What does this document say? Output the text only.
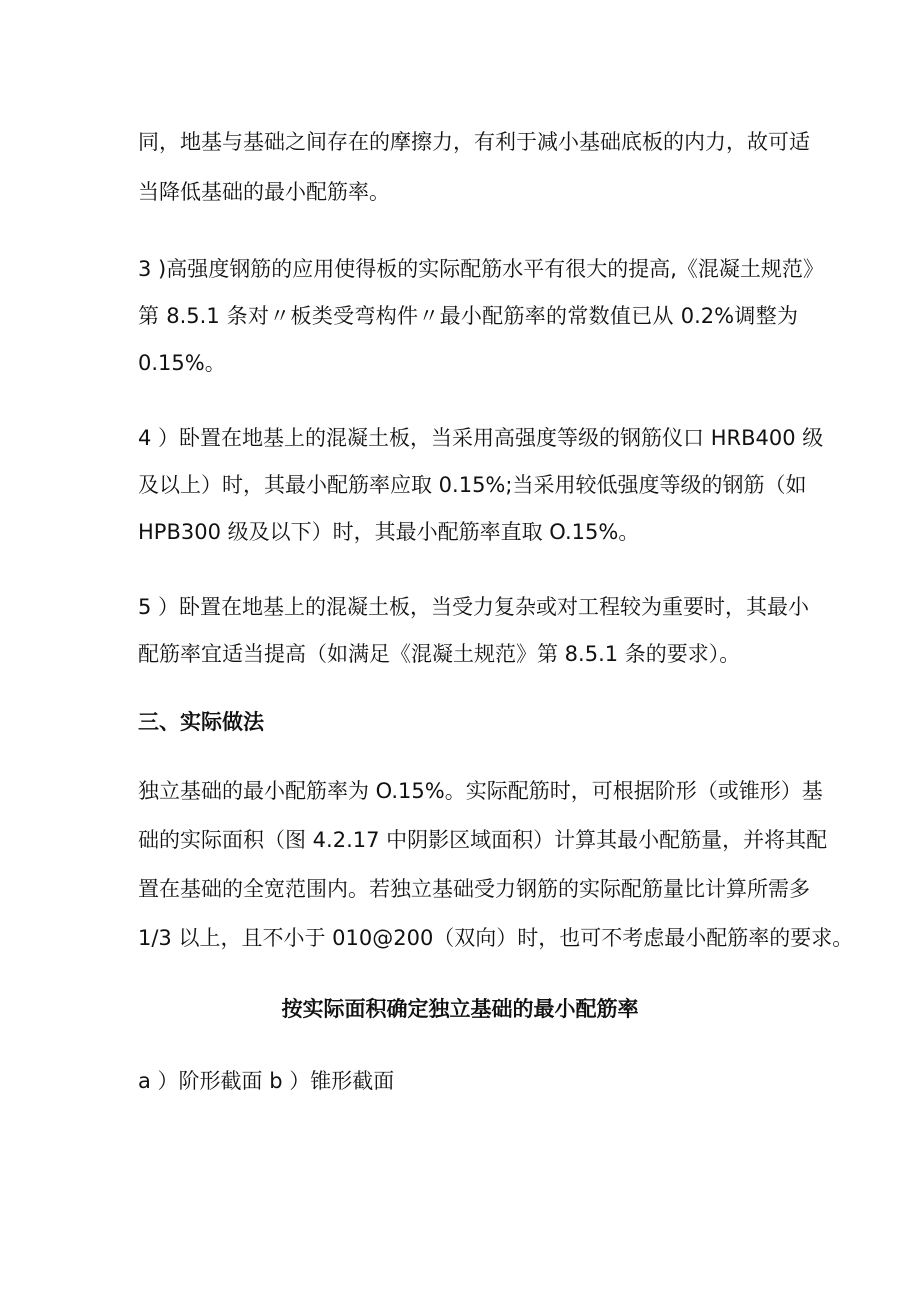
同，地基与基础之间存在的摩擦力，有利于减小基础底板的内力，故可适
当降低基础的最小配筋率。
3 )高强度钢筋的应用使得板的实际配筋水平有很大的提高,《混凝土规范》
第 8.5.1 条对〃板类受弯构件〃最小配筋率的常数值已从 0.2%调整为
0.15%。
4 ）卧置在地基上的混凝土板，当采用高强度等级的钢筋仪口 HRB400 级
及以上）时，其最小配筋率应取 0.15%;当采用较低强度等级的钢筋（如
HPB300 级及以下）时，其最小配筋率直取 O.15%。
5 ）卧置在地基上的混凝土板，当受力复杂或对工程较为重要时，其最小
配筋率宜适当提高（如满足《混凝土规范》第 8.5.1 条的要求）。
三、实际做法
独立基础的最小配筋率为 O.15%。实际配筋时，可根据阶形（或锥形）基
础的实际面积（图 4.2.17 中阴影区域面积）计算其最小配筋量，并将其配
置在基础的全宽范围内。若独立基础受力钢筋的实际配筋量比计算所需多
1/3 以上，且不小于 010@200（双向）时，也可不考虑最小配筋率的要求。
按实际面积确定独立基础的最小配筋率
a ）阶形截面 b ）锥形截面
